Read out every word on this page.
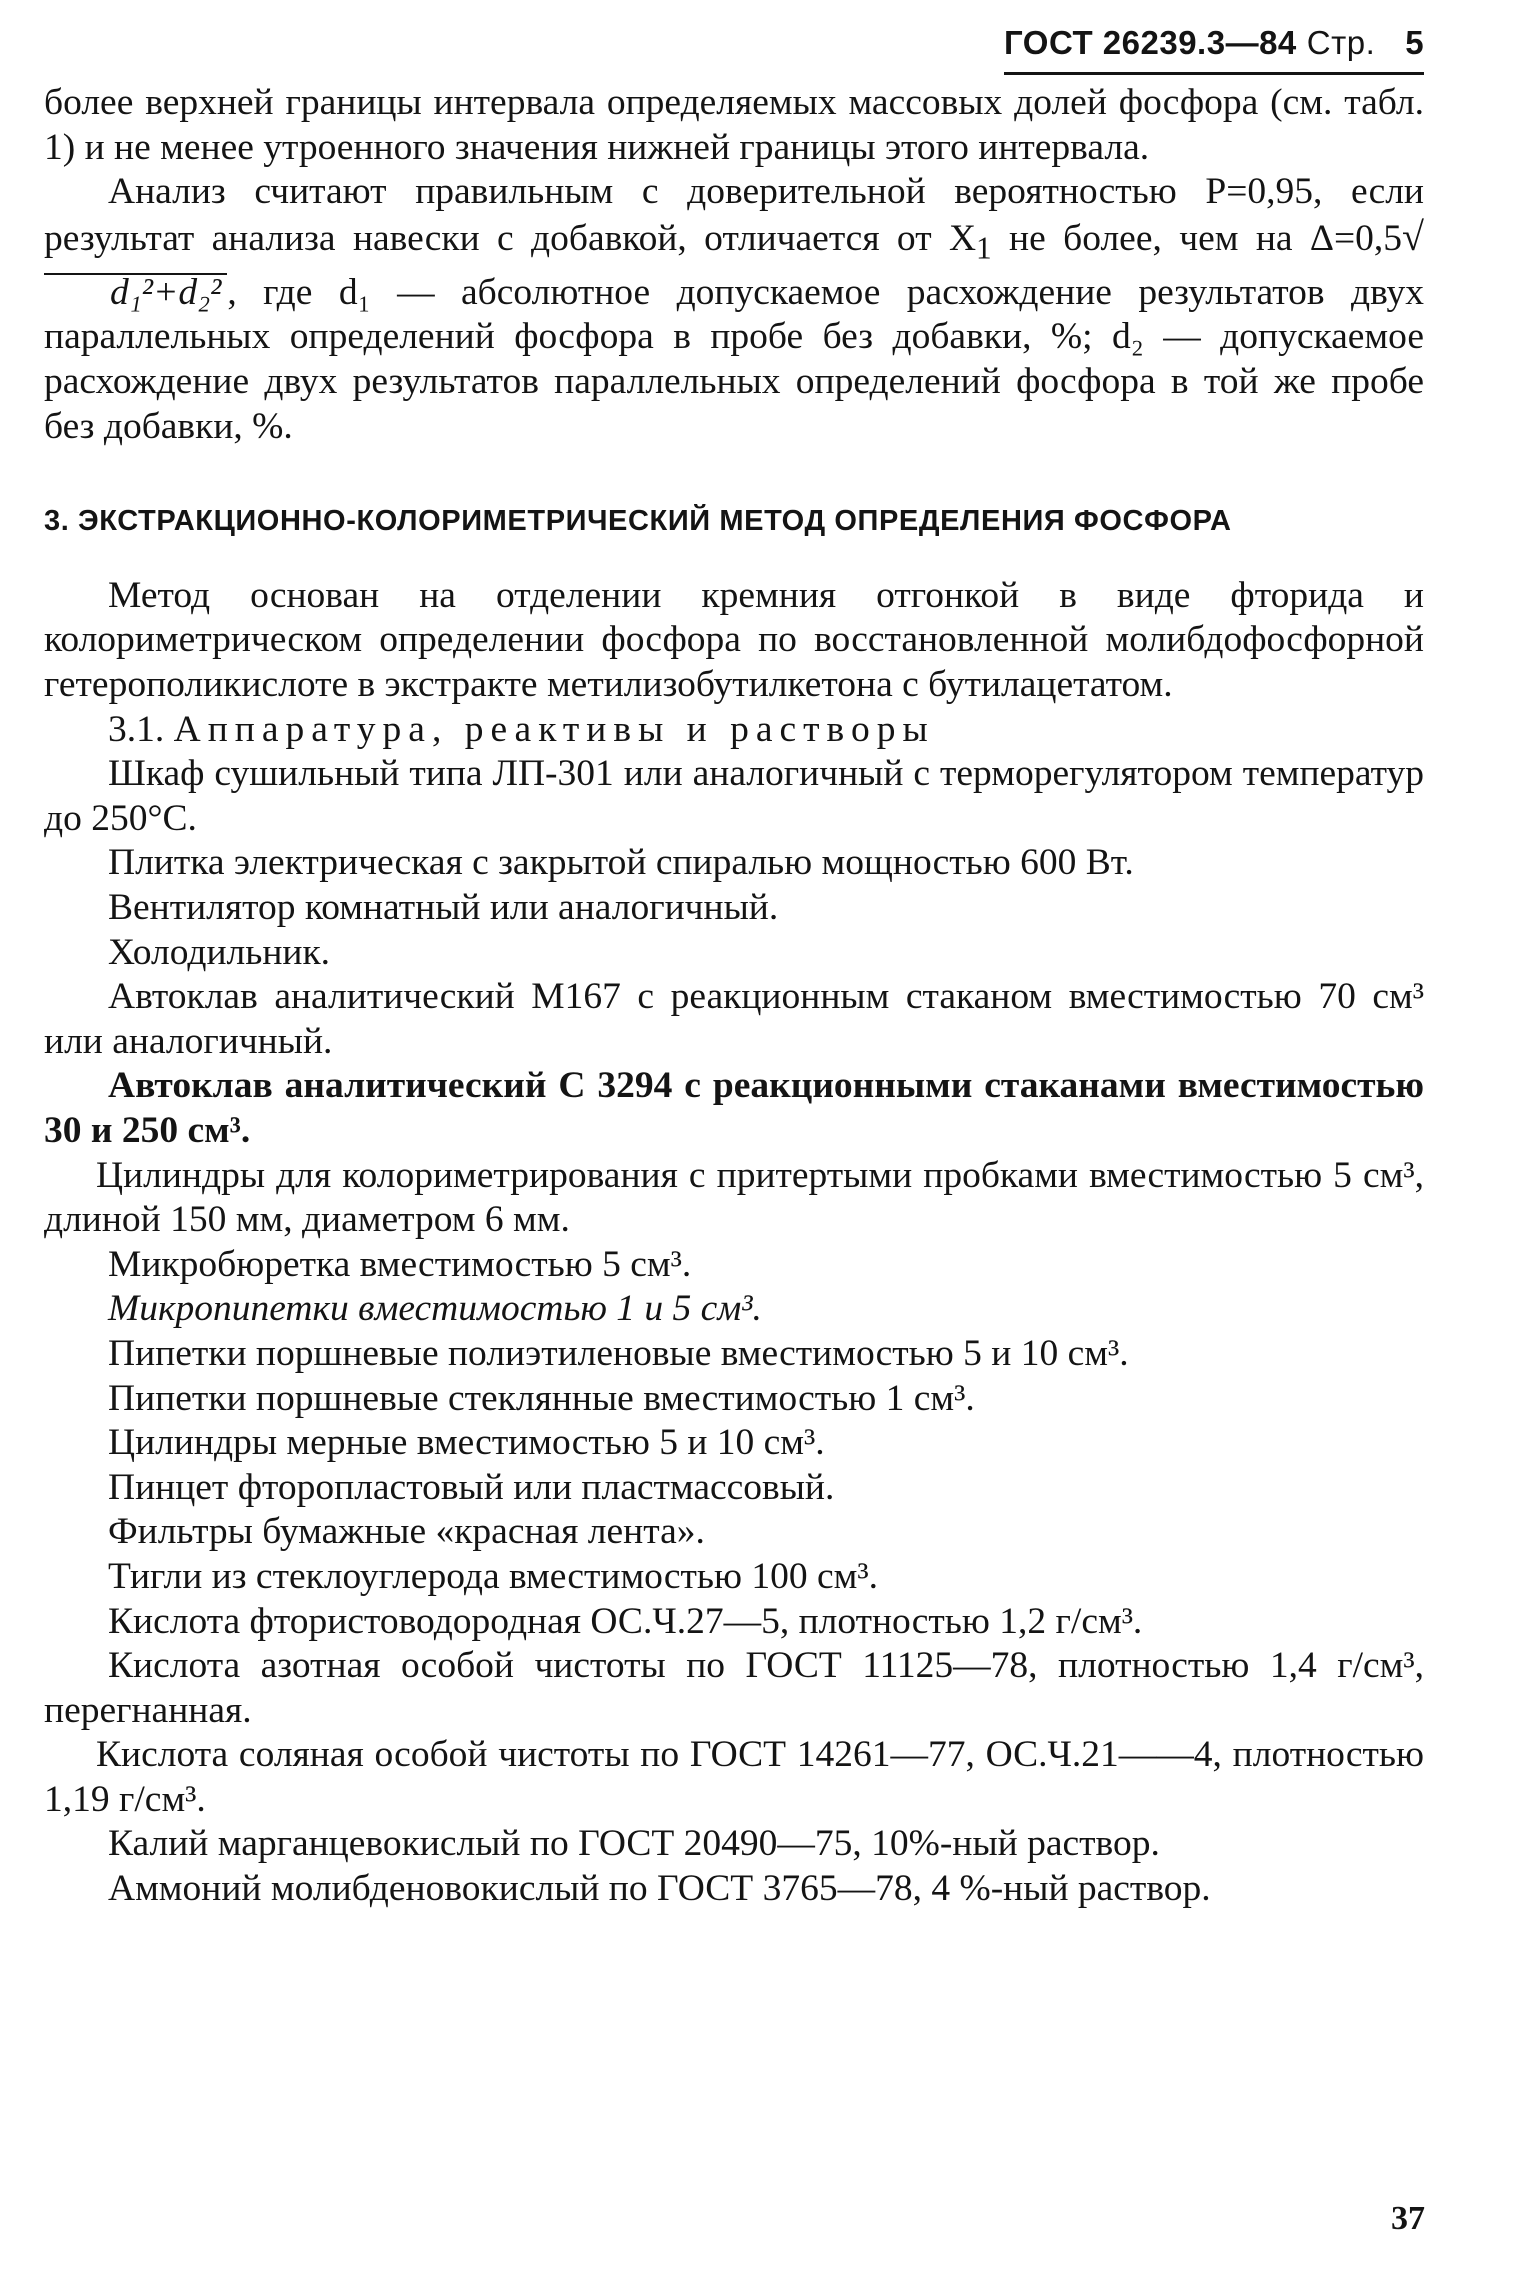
ГОСТ 26239.3—84 Стр. 5

более верхней границы интервала определяемых массовых долей фосфора (см. табл. 1) и не менее утроенного значения нижней границы этого интервала.

Анализ считают правильным с доверительной вероятностью P=0,95, если результат анализа навески с добавкой, отличается от $X_1$ не более, чем на Δ=0,5√d₁²+d₂² , где d₁ — абсолютное допускаемое расхождение результатов двух параллельных определений фосфора в пробе без добавки, %; d₂ — допускаемое расхождение двух результатов параллельных определений фосфора в той же пробе без добавки, %.

3. ЭКСТРАКЦИОННО-КОЛОРИМЕТРИЧЕСКИЙ МЕТОД ОПРЕДЕЛЕНИЯ ФОСФОРА

Метод основан на отделении кремния отгонкой в виде фторида и колориметрическом определении фосфора по восстановленной молибдофосфорной гетерополикислоте в экстракте метилизобутилкетона с бутилацетатом.

3.1. Аппаратура, реактивы и растворы

Шкаф сушильный типа ЛП-301 или аналогичный с терморегулятором температур до 250°С.

Плитка электрическая с закрытой спиралью мощностью 600 Вт.

Вентилятор комнатный или аналогичный.

Холодильник.

Автоклав аналитический М167 с реакционным стаканом вместимостью 70 см³ или аналогичный.

Автоклав аналитический С 3294 с реакционными стаканами вместимостью 30 и 250 см³.

Цилиндры для колориметрирования с притертыми пробками вместимостью 5 см³, длиной 150 мм, диаметром 6 мм.

Микробюретка вместимостью 5 см³.

Микропипетки вместимостью 1 и 5 см³.

Пипетки поршневые полиэтиленовые вместимостью 5 и 10 см³.

Пипетки поршневые стеклянные вместимостью 1 см³.

Цилиндры мерные вместимостью 5 и 10 см³.

Пинцет фторопластовый или пластмассовый.

Фильтры бумажные «красная лента».

Тигли из стеклоуглерода вместимостью 100 см³.

Кислота фтористоводородная ОС.Ч.27—5, плотностью 1,2 г/см³.

Кислота азотная особой чистоты по ГОСТ 11125—78, плотностью 1,4 г/см³, перегнанная.

Кислота соляная особой чистоты по ГОСТ 14261—77, ОС.Ч.21——4, плотностью 1,19 г/см³.

Калий марганцевокислый по ГОСТ 20490—75, 10%-ный раствор.

Аммоний молибденовокислый по ГОСТ 3765—78, 4 %-ный раствор.

37
